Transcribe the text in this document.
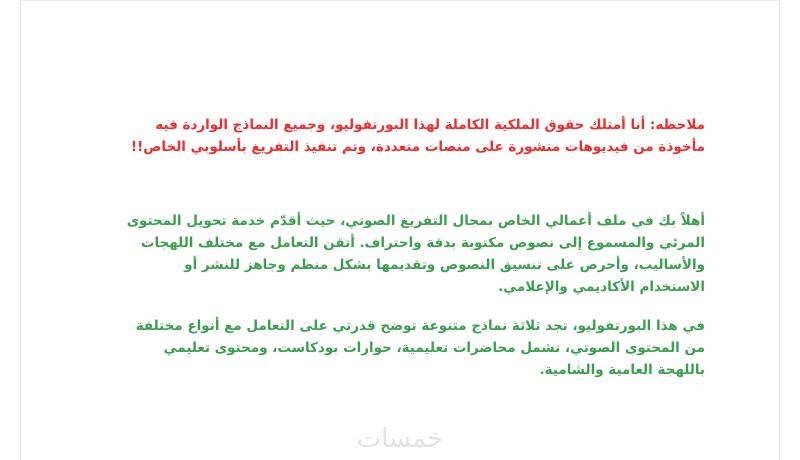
ملاحظه: أنا أمتلك حقوق الملكية الكاملة لهذا البورتفوليو، وجميع النماذج الواردة فيه مأخوذة من فيديوهات منشورة على منصات متعددة، وتم تنفيذ التفريغ بأسلوبي الخاص!!

أهلاً بك في ملف أعمالي الخاص بمجال التفريغ الصوتي، حيث أقدّم خدمة تحويل المحتوى المرئي والمسموع إلى نصوص مكتوبة بدقة واحتراف. أتقن التعامل مع مختلف اللهجات والأساليب، وأحرص على تنسيق النصوص وتقديمها بشكل منظم وجاهز للنشر أو الاستخدام الأكاديمي والإعلامي.

في هذا البورتفوليو، تجد ثلاثة نماذج متنوعة توضح قدرتي على التعامل مع أنواع مختلفة من المحتوى الصوتي، تشمل محاضرات تعليمية، حوارات بودكاست، ومحتوى تعليمي باللهجة العامية والشامية.

خمسات
